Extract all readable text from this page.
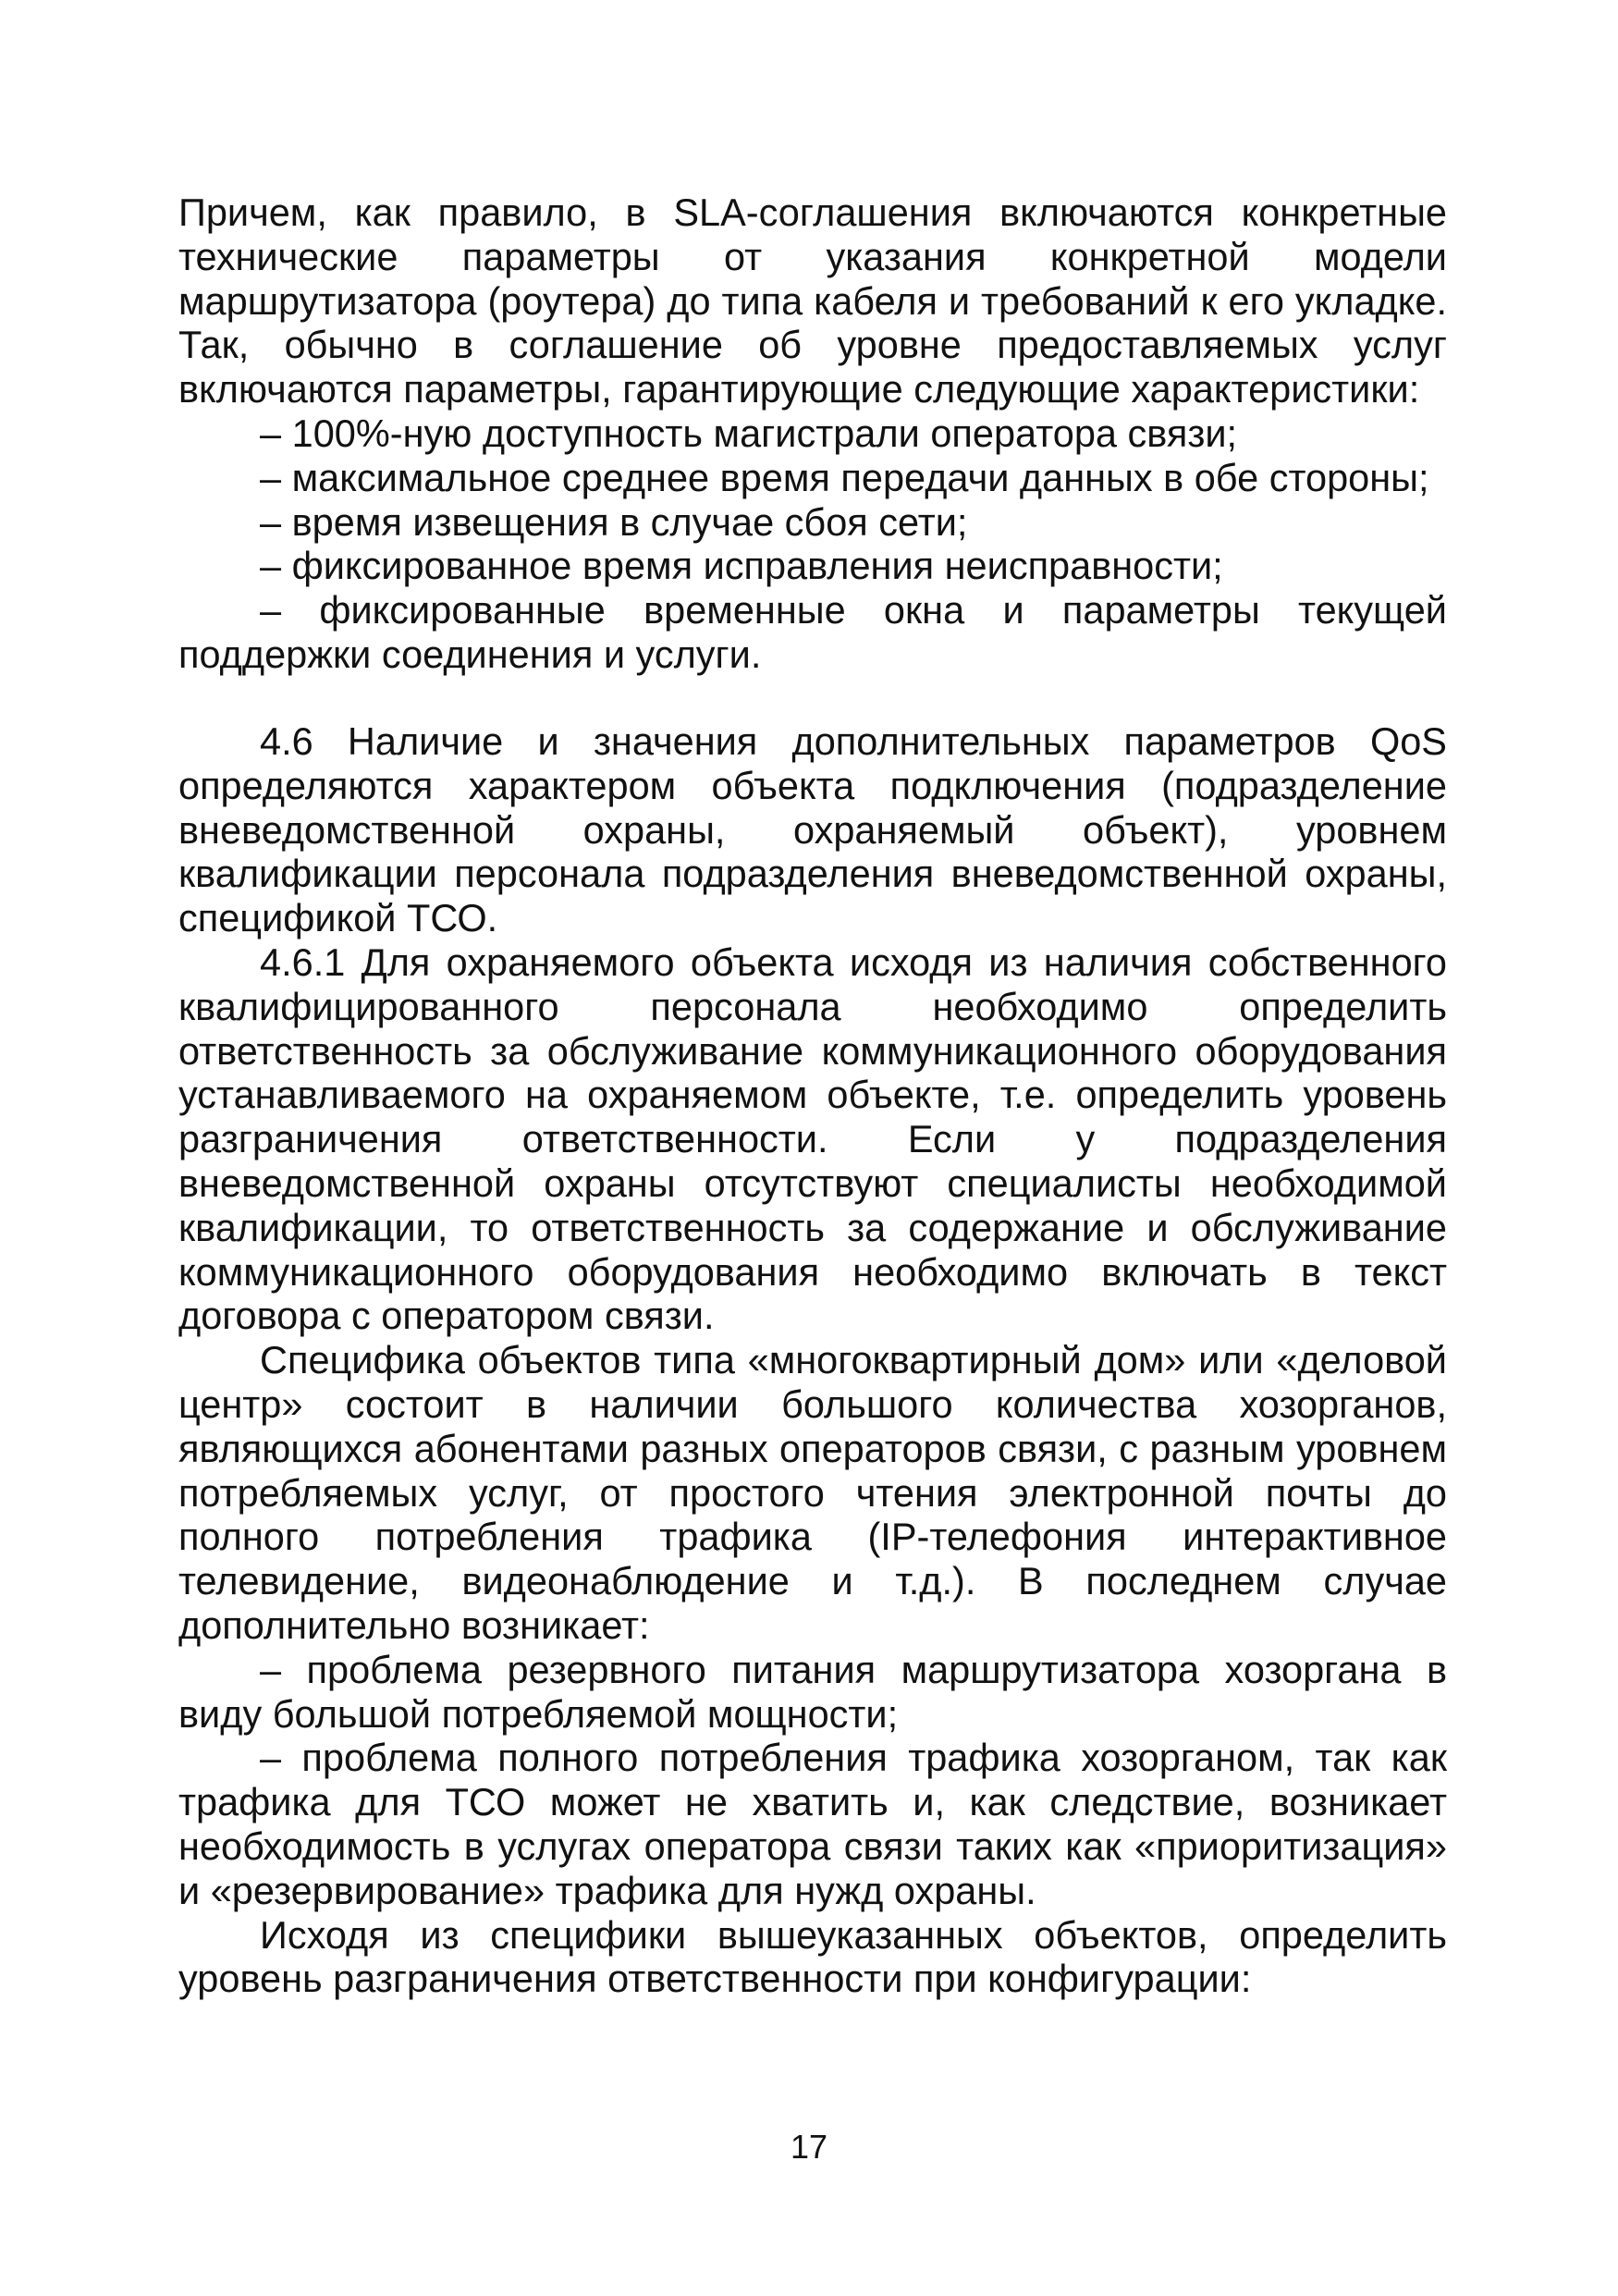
Причем, как правило, в SLA-соглашения включаются конкретные технические параметры от указания конкретной модели маршрутизатора (роутера) до типа кабеля и требований к его укладке. Так, обычно в соглашение об уровне предоставляемых услуг включаются параметры, гарантирующие следующие характеристики:

– 100%-ную доступность магистрали оператора связи;

– максимальное среднее время передачи данных в обе стороны;

– время извещения в случае сбоя сети;

– фиксированное время исправления неисправности;

– фиксированные временные окна и параметры текущей поддержки соединения и услуги.

4.6 Наличие и значения дополнительных параметров QoS определяются характером объекта подключения (подразделение вневедомственной охраны, охраняемый объект), уровнем квалификации персонала подразделения вневедомственной охраны, спецификой ТСО.

4.6.1 Для охраняемого объекта исходя из наличия собственного квалифицированного персонала необходимо определить ответственность за обслуживание коммуникационного оборудования устанавливаемого на охраняемом объекте, т.е. определить уровень разграничения ответственности. Если у подразделения вневедомственной охраны отсутствуют специалисты необходимой квалификации, то ответственность за содержание и обслуживание коммуникационного оборудования необходимо включать в текст договора с оператором связи.

Специфика объектов типа «многоквартирный дом» или «деловой центр» состоит в наличии большого количества хозорганов, являющихся абонентами разных операторов связи, с разным уровнем потребляемых услуг, от простого чтения электронной почты до полного потребления трафика (IP-телефония интерактивное телевидение, видеонаблюдение и т.д.). В последнем случае дополнительно возникает:

– проблема резервного питания маршрутизатора хозоргана в виду большой потребляемой мощности;

– проблема полного потребления трафика хозорганом, так как трафика для ТСО может не хватить и, как следствие, возникает необходимость в услугах оператора связи таких как «приоритизация» и «резервирование» трафика для нужд охраны.

Исходя из специфики вышеуказанных объектов, определить уровень разграничения ответственности при конфигурации:

17
